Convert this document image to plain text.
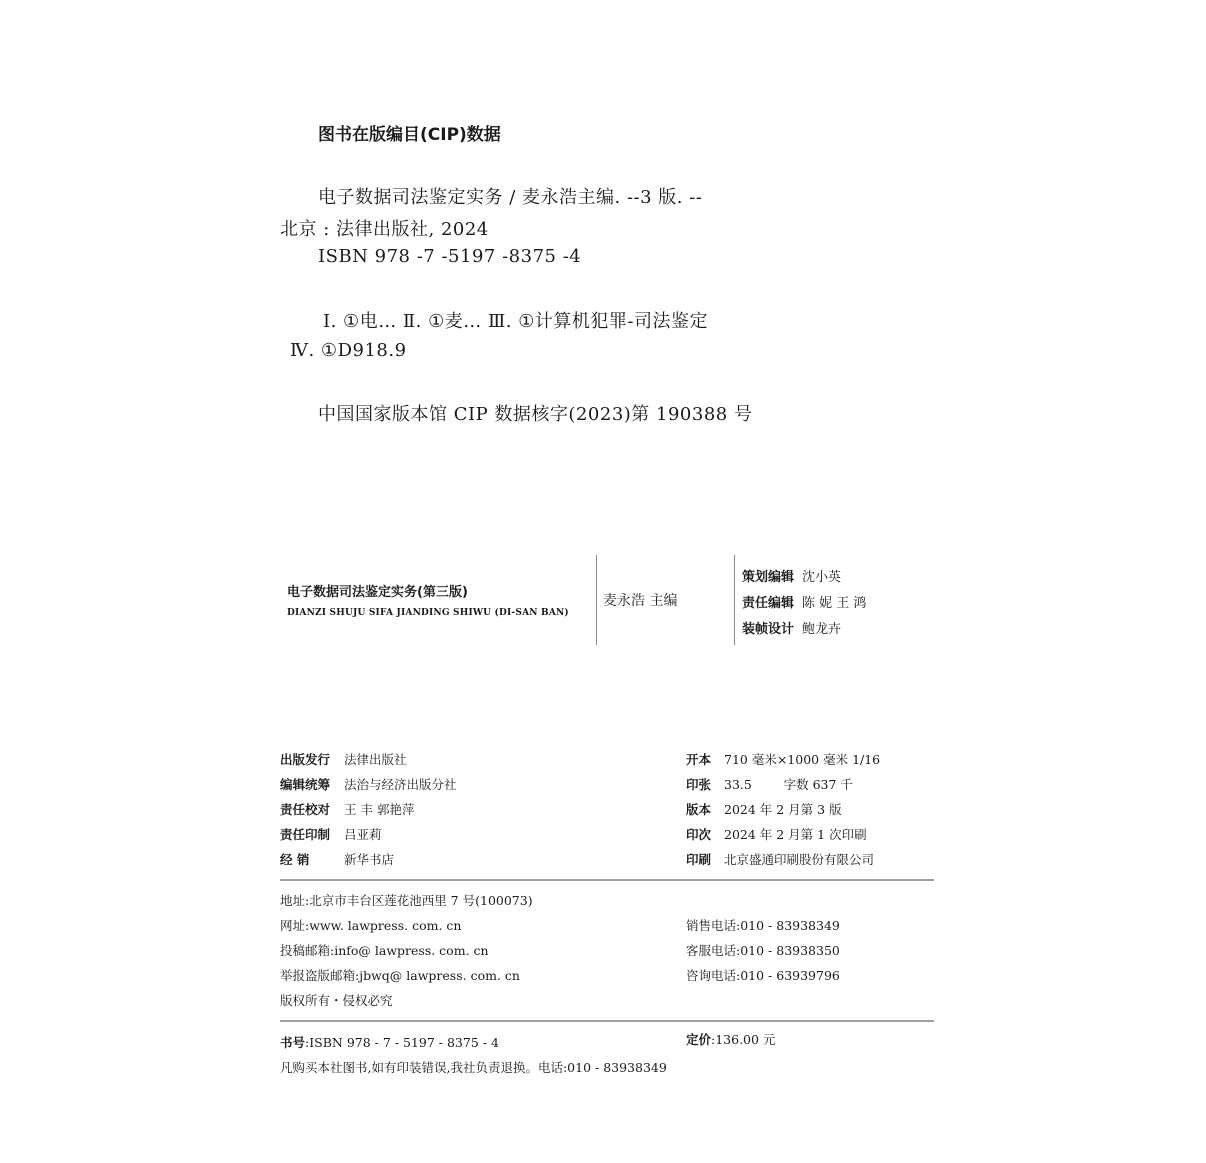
图书在版编目(CIP)数据
电子数据司法鉴定实务 / 麦永浩主编. --3 版. --
北京 : 法律出版社, 2024
ISBN 978 -7 -5197 -8375 -4
Ⅰ. ①电… Ⅱ. ①麦… Ⅲ. ①计算机犯罪-司法鉴定
Ⅳ. ①D918.9
中国国家版本馆 CIP 数据核字(2023)第 190388 号
电子数据司法鉴定实务(第三版)
DIANZI SHUJU SIFA JIANDING SHIWU (DI-SAN BAN)
麦永浩 主编
策划编辑 沈小英
责任编辑 陈 妮 王 鸿
装帧设计 鲍龙卉
出版发行 法律出版社
编辑统筹 法治与经济出版分社
责任校对 王 丰 郭艳萍
责任印制 吕亚莉
经 销	新华书店
开本 710 毫米×1000 毫米 1/16
印张 33.5        字数 637 千
版本 2024 年 2 月第 3 版
印次 2024 年 2 月第 1 次印刷
印刷 北京盛通印刷股份有限公司
地址:北京市丰台区莲花池西里 7 号(100073)
网址:www. lawpress. com. cn
投稿邮箱:info@ lawpress. com. cn
举报盗版邮箱:jbwq@ lawpress. com. cn
版权所有・侵权必究
销售电话:010 - 83938349
客服电话:010 - 83938350
咨询电话:010 - 63939796
书号:ISBN 978 - 7 - 5197 - 8375 - 4
凡购买本社图书,如有印装错误,我社负责退换。电话:010 - 83938349
定价:136.00 元
